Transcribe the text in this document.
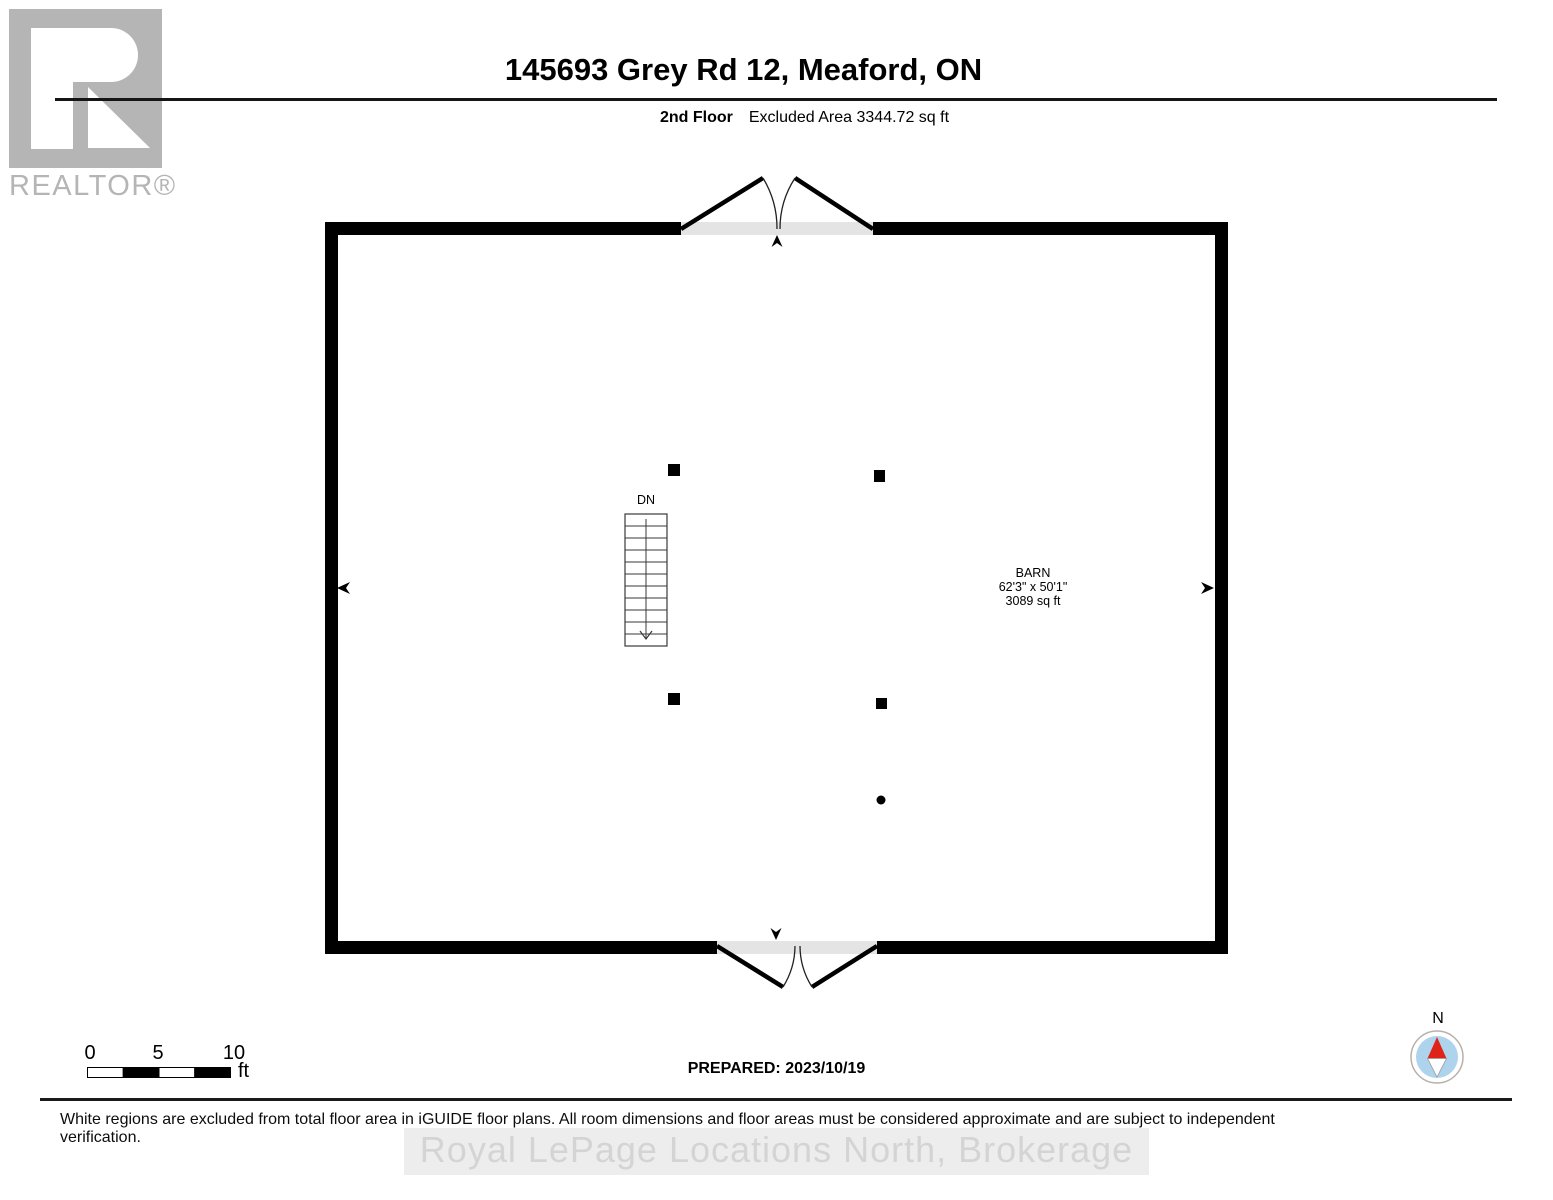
REALTOR®
145693 Grey Rd 12, Meaford, ON
2nd Floor Excluded Area 3344.72 sq ft
DN
BARN
62'3" x 50'1"
3089 sq ft
0	5	10
ft	PREPARED: 2023/10/19
N
White regions are excluded from total floor area in iGUIDE floor plans. All room dimensions and floor areas must be considered approximate and are subject to independent verification.	Royal LePage Locations North, Brokerage
